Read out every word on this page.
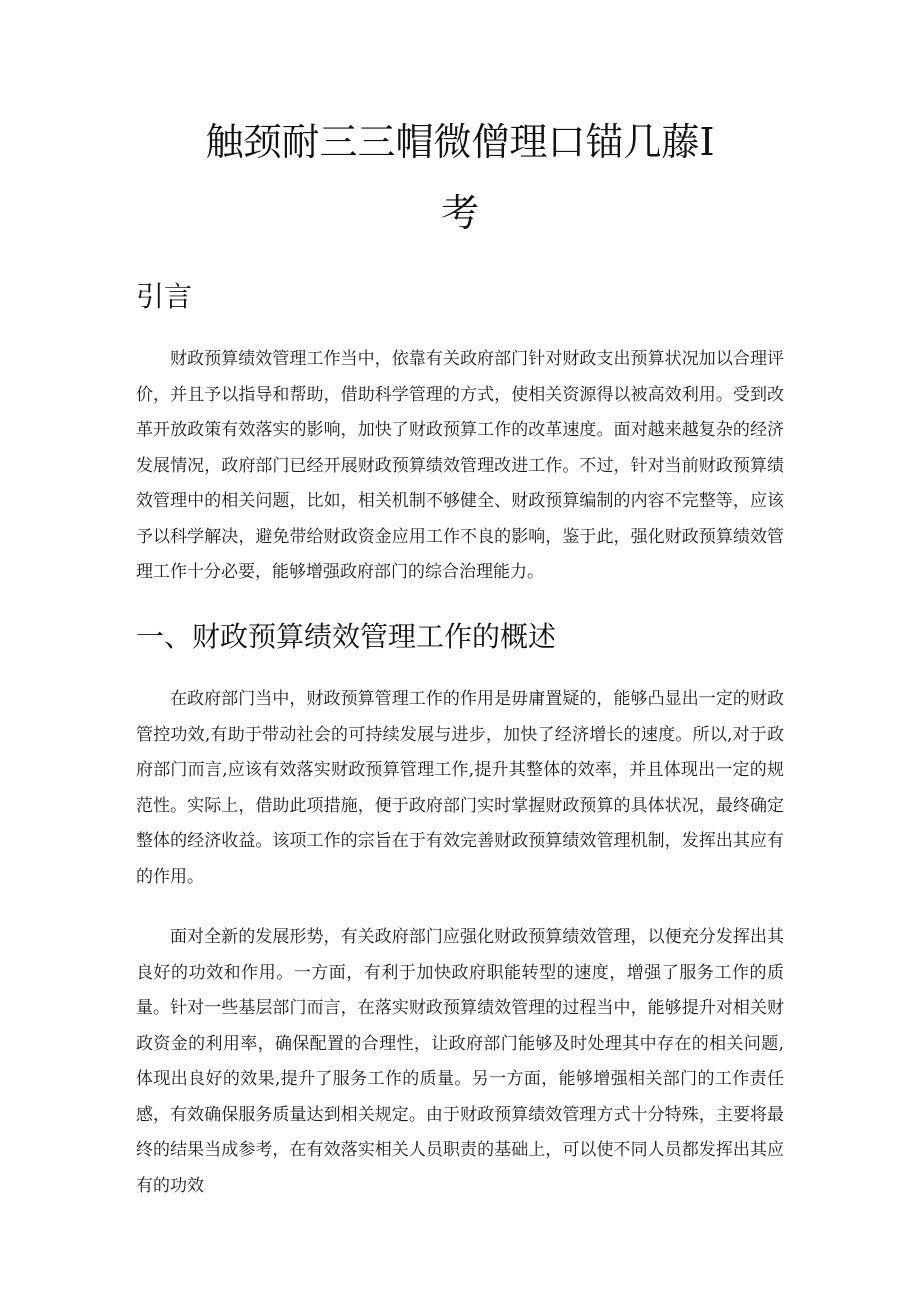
触颈耐三三帽微僧理口锚几藤I
考
引言

财政预算绩效管理工作当中，依靠有关政府部门针对财政支出预算状况加以合理评价，并且予以指导和帮助，借助科学管理的方式，使相关资源得以被高效利用。受到改革开放政策有效落实的影响，加快了财政预算工作的改革速度。面对越来越复杂的经济发展情况，政府部门已经开展财政预算绩效管理改进工作。不过，针对当前财政预算绩效管理中的相关问题，比如，相关机制不够健全、财政预算编制的内容不完整等，应该予以科学解决，避免带给财政资金应用工作不良的影响，鉴于此，强化财政预算绩效管理工作十分必要，能够增强政府部门的综合治理能力。

一、财政预算绩效管理工作的概述

在政府部门当中，财政预算管理工作的作用是毋庸置疑的，能够凸显出一定的财政管控功效,有助于带动社会的可持续发展与进步，加快了经济增长的速度。所以,对于政府部门而言,应该有效落实财政预算管理工作,提升其整体的效率，并且体现出一定的规范性。实际上，借助此项措施，便于政府部门实时掌握财政预算的具体状况，最终确定整体的经济收益。该项工作的宗旨在于有效完善财政预算绩效管理机制，发挥出其应有的作用。

面对全新的发展形势，有关政府部门应强化财政预算绩效管理，以便充分发挥出其良好的功效和作用。一方面，有利于加快政府职能转型的速度，增强了服务工作的质量。针对一些基层部门而言，在落实财政预算绩效管理的过程当中，能够提升对相关财政资金的利用率，确保配置的合理性，让政府部门能够及时处理其中存在的相关问题,体现出良好的效果,提升了服务工作的质量。另一方面，能够增强相关部门的工作责任感，有效确保服务质量达到相关规定。由于财政预算绩效管理方式十分特殊，主要将最终的结果当成参考，在有效落实相关人员职责的基础上，可以使不同人员都发挥出其应有的功效
